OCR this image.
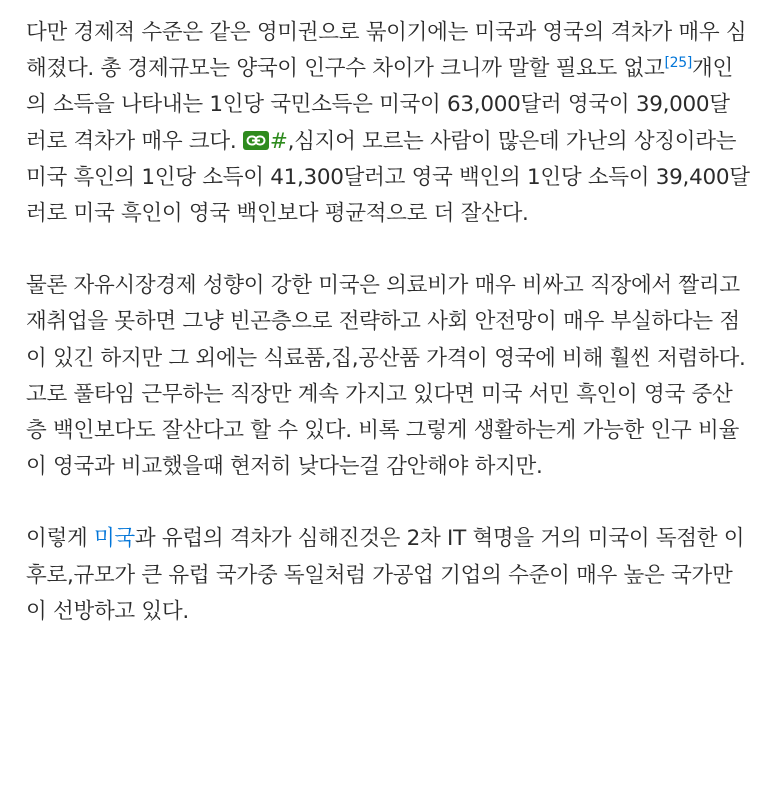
다만 경제적 수준은 같은 영미권으로 묶이기에는 미국과 영국의 격차가 매우 심해졌다. 총 경제규모는 양국이 인구수 차이가 크니까 말할 필요도 없고[25]개인의 소득을 나타내는 1인당 국민소득은 미국이 63,000달러 영국이 39,000달러로 격차가 매우 크다.
#,심지어 모르는 사람이 많은데 가난의 상징이라는 미국 흑인의 1인당 소득이 41,300달러고 영국 백인의 1인당 소득이 39,400달러로 미국 흑인이 영국 백인보다 평균적으로 더 잘산다.

물론 자유시장경제 성향이 강한 미국은 의료비가 매우 비싸고 직장에서 짤리고 재취업을 못하면 그냥 빈곤층으로 전략하고 사회 안전망이 매우 부실하다는 점이 있긴 하지만 그 외에는 식료품,집,공산품 가격이 영국에 비해 훨씬 저렴하다.고로 풀타임 근무하는 직장만 계속 가지고 있다면 미국 서민 흑인이 영국 중산층 백인보다도 잘산다고 할 수 있다. 비록 그렇게 생활하는게 가능한 인구 비율이 영국과 비교했을때 현저히 낮다는걸 감안해야 하지만.

이렇게 미국과 유럽의 격차가 심해진것은 2차 IT 혁명을 거의 미국이 독점한 이후로,규모가 큰 유럽 국가중 독일처럼 가공업 기업의 수준이 매우 높은 국가만이 선방하고 있다.
